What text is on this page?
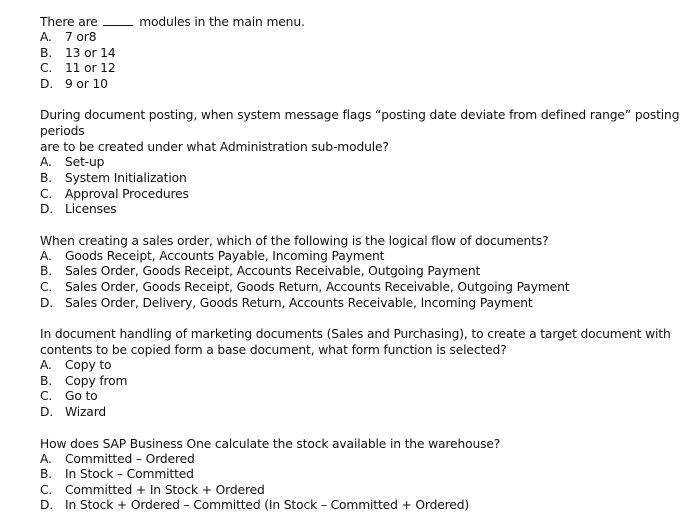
There are	modules in the main menu.

A.	7 or8
B.	13 or 14
C.	11 or 12
D. 9 or 10

During document posting, when system message flags “posting date deviate from defined range” posting periods
are to be created under what Administration sub-module?

A.	Set-up
B.	System Initialization
C.	Approval Procedures
D. Licenses

When creating a sales order, which of the following is the logical flow of documents?

A.	Goods Receipt, Accounts Payable, Incoming Payment
B.	Sales Order, Goods Receipt, Accounts Receivable, Outgoing Payment
C.	Sales Order, Goods Receipt, Goods Return, Accounts Receivable, Outgoing Payment
D. Sales Order, Delivery, Goods Return, Accounts Receivable, Incoming Payment

In document handling of marketing documents (Sales and Purchasing), to create a target document with
contents to be copied form a base document, what form function is selected?

A.	Copy to
B.	Copy from
C.	Go to
D. Wizard

How does SAP Business One calculate the stock available in the warehouse?

A.	Committed – Ordered
B.	In Stock – Committed
C.	Committed + In Stock + Ordered
D. In Stock + Ordered – Committed (In Stock – Committed + Ordered)
